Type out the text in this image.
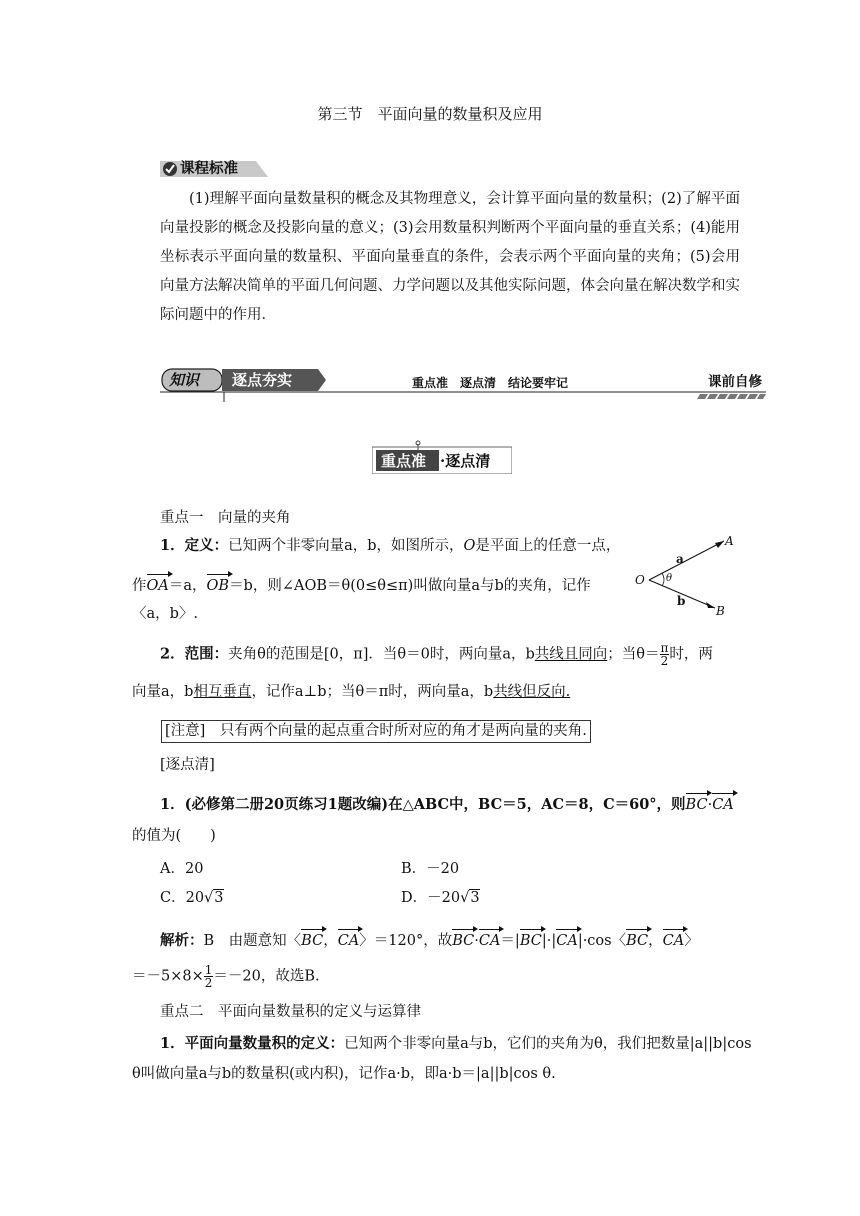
第三节　平面向量的数量积及应用
课程标准
(1)理解平面向量数量积的概念及其物理意义，会计算平面向量的数量积；(2)了解平面向量投影的概念及投影向量的意义；(3)会用数量积判断两个平面向量的垂直关系；(4)能用坐标表示平面向量的数量积、平面向量垂直的条件，会表示两个平面向量的夹角；(5)会用向量方法解决简单的平面几何问题、力学问题以及其他实际问题，体会向量在解决数学和实际问题中的作用．
知识 逐点夯实	重点准　逐点清　结论要牢记	课前自修
重点准 ·逐点清
重点一　向量的夹角
1．定义：已知两个非零向量a，b，如图所示，O是平面上的任意一点，
作OA＝a，OB＝b，则∠AOB＝θ(0≤θ≤π)叫做向量a与b的夹角，记作
〈a，b〉.
A
B
O
a
b
θ
2．范围：夹角θ的范围是[0，π]．当θ＝0时，两向量a，b共线且同向；当$\theta= \frac{\pi}{2}$ 时，两
向量a，b相互垂直，记作a⊥b；当θ＝π时，两向量a，b共线但反向.
[注意]　只有两个向量的起点重合时所对应的角才是两向量的夹角.
[逐点清]
1．(必修第二册20页练习1题改编)在△ABC中，BC＝5，AC＝8，C＝60°，则BC·CA
的值为(　　)
A．20	B．－20
C．20√3	D．－20√3
解析：B　由题意知〈BC，CA〉＝120°，故BC·CA＝|BC|·|CA|·cos〈BC，CA〉
$=-5\times 8\times \frac{1}{2} =-20$，故选B.
重点二　平面向量数量积的定义与运算律
1．平面向量数量积的定义：已知两个非零向量a与b，它们的夹角为θ，我们把数量|a||b|cos
θ叫做向量a与b的数量积(或内积)，记作a·b，即a·b＝|a||b|cos θ.
